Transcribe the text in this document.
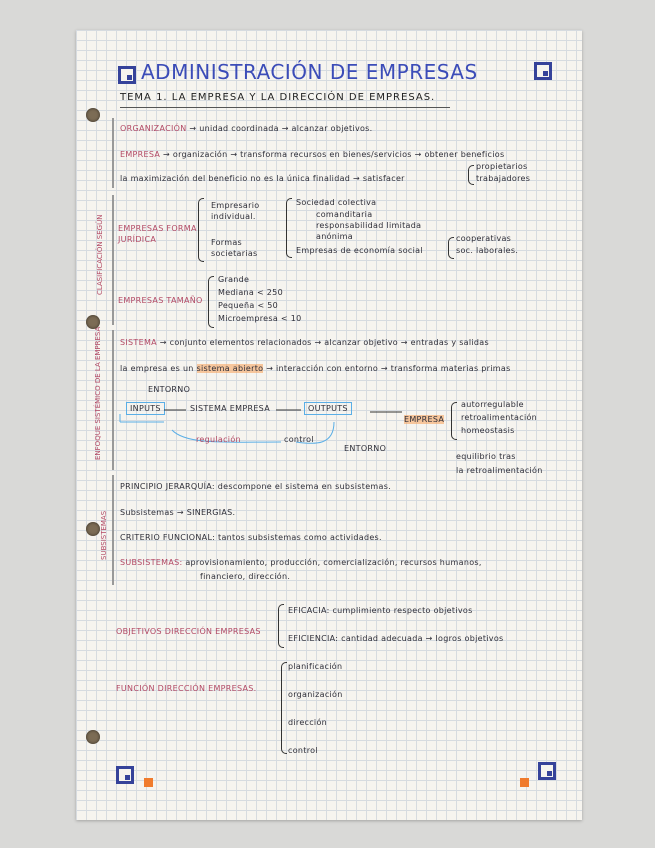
ADMINISTRACIÓN DE EMPRESAS
TEMA 1. LA EMPRESA Y LA DIRECCIÓN DE EMPRESAS.
ORGANIZACIÓN → unidad coordinada → alcanzar objetivos.
EMPRESA → organización → transforma recursos en bienes/servicios → obtener beneficios
la maximización del beneficio no es la única finalidad → satisfacer
propietarios
trabajadores
CLASIFICACIÓN SEGÚN EMPRESAS FORMA JURÍDICA
Empresario individual.
Formas societarias
Sociedad colectiva
comanditaria
responsabilidad limitada
anónima
Empresas de economía social
cooperativas
soc. laborales.
EMPRESAS TAMAÑO
Grande
Mediana < 250
Pequeña < 50
Microempresa < 10
ENFOQUE SISTÉMICO DE LA EMPRESA SISTEMA → conjunto elementos relacionados → alcanzar objetivo → entradas y salidas
la empresa es un sistema abierto → interacción con entorno → transforma materias primas
ENTORNO
INPUTS	SISTEMA EMPRESA	OUTPUTS
regulación	control
ENTORNO
EMPRESA
autorregulable
retroalimentación
homeostasis
equilibrio tras
la retroalimentación
SUBSISTEMAS
PRINCIPIO JERARQUÍA: descompone el sistema en subsistemas.
Subsistemas → SINERGIAS.
CRITERIO FUNCIONAL: tantos subsistemas como actividades.
SUBSISTEMAS: aprovisionamiento, producción, comercialización, recursos humanos,
financiero, dirección.
OBJETIVOS DIRECCIÓN EMPRESAS
EFICACIA: cumplimiento respecto objetivos
EFICIENCIA: cantidad adecuada → logros objetivos
FUNCIÓN DIRECCIÓN EMPRESAS.
planificación
organización
dirección
control
